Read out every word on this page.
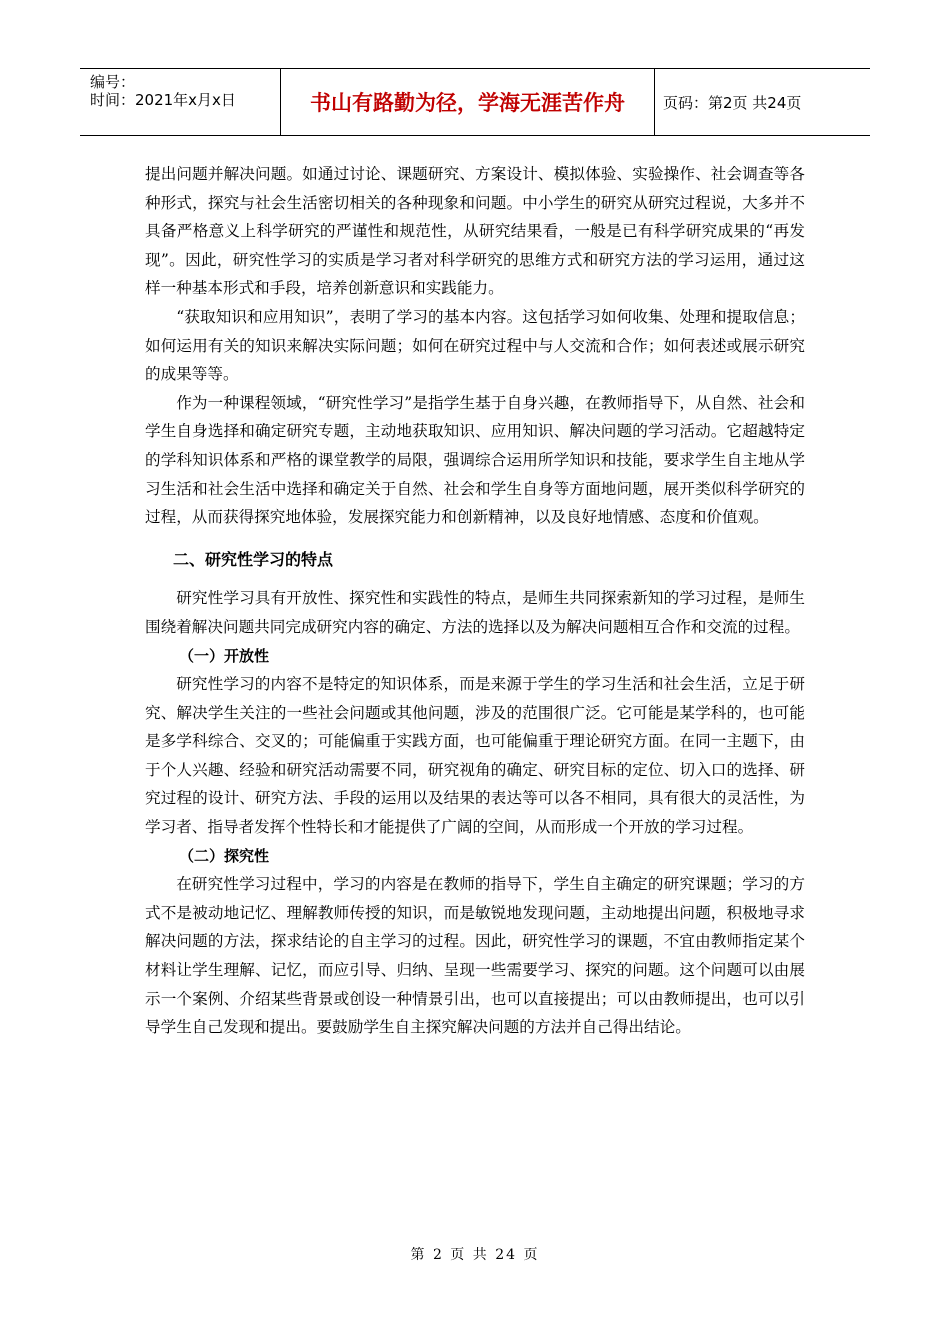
编号：
时间：2021年x月x日	书山有路勤为径，学海无涯苦作舟	页码：第2页 共24页

提出问题并解决问题。如通过讨论、课题研究、方案设计、模拟体验、实验操作、社会调查等各种形式，探究与社会生活密切相关的各种现象和问题。中小学生的研究从研究过程说，大多并不具备严格意义上科学研究的严谨性和规范性，从研究结果看，一般是已有科学研究成果的“再发现”。因此，研究性学习的实质是学习者对科学研究的思维方式和研究方法的学习运用，通过这样一种基本形式和手段，培养创新意识和实践能力。

“获取知识和应用知识”，表明了学习的基本内容。这包括学习如何收集、处理和提取信息；如何运用有关的知识来解决实际问题；如何在研究过程中与人交流和合作；如何表述或展示研究的成果等等。

作为一种课程领域，“研究性学习”是指学生基于自身兴趣，在教师指导下，从自然、社会和学生自身选择和确定研究专题，主动地获取知识、应用知识、解决问题的学习活动。它超越特定的学科知识体系和严格的课堂教学的局限，强调综合运用所学知识和技能，要求学生自主地从学习生活和社会生活中选择和确定关于自然、社会和学生自身等方面地问题，展开类似科学研究的过程，从而获得探究地体验，发展探究能力和创新精神，以及良好地情感、态度和价值观。

二、研究性学习的特点

研究性学习具有开放性、探究性和实践性的特点，是师生共同探索新知的学习过程，是师生围绕着解决问题共同完成研究内容的确定、方法的选择以及为解决问题相互合作和交流的过程。

（一）开放性

研究性学习的内容不是特定的知识体系，而是来源于学生的学习生活和社会生活，立足于研究、解决学生关注的一些社会问题或其他问题，涉及的范围很广泛。它可能是某学科的，也可能是多学科综合、交叉的；可能偏重于实践方面，也可能偏重于理论研究方面。在同一主题下，由于个人兴趣、经验和研究活动需要不同，研究视角的确定、研究目标的定位、切入口的选择、研究过程的设计、研究方法、手段的运用以及结果的表达等可以各不相同，具有很大的灵活性，为学习者、指导者发挥个性特长和才能提供了广阔的空间，从而形成一个开放的学习过程。

（二）探究性

在研究性学习过程中，学习的内容是在教师的指导下，学生自主确定的研究课题；学习的方式不是被动地记忆、理解教师传授的知识，而是敏锐地发现问题，主动地提出问题，积极地寻求解决问题的方法，探求结论的自主学习的过程。因此，研究性学习的课题，不宜由教师指定某个材料让学生理解、记忆，而应引导、归纳、呈现一些需要学习、探究的问题。这个问题可以由展示一个案例、介绍某些背景或创设一种情景引出，也可以直接提出；可以由教师提出，也可以引导学生自己发现和提出。要鼓励学生自主探究解决问题的方法并自己得出结论。

第 2 页 共 24 页
